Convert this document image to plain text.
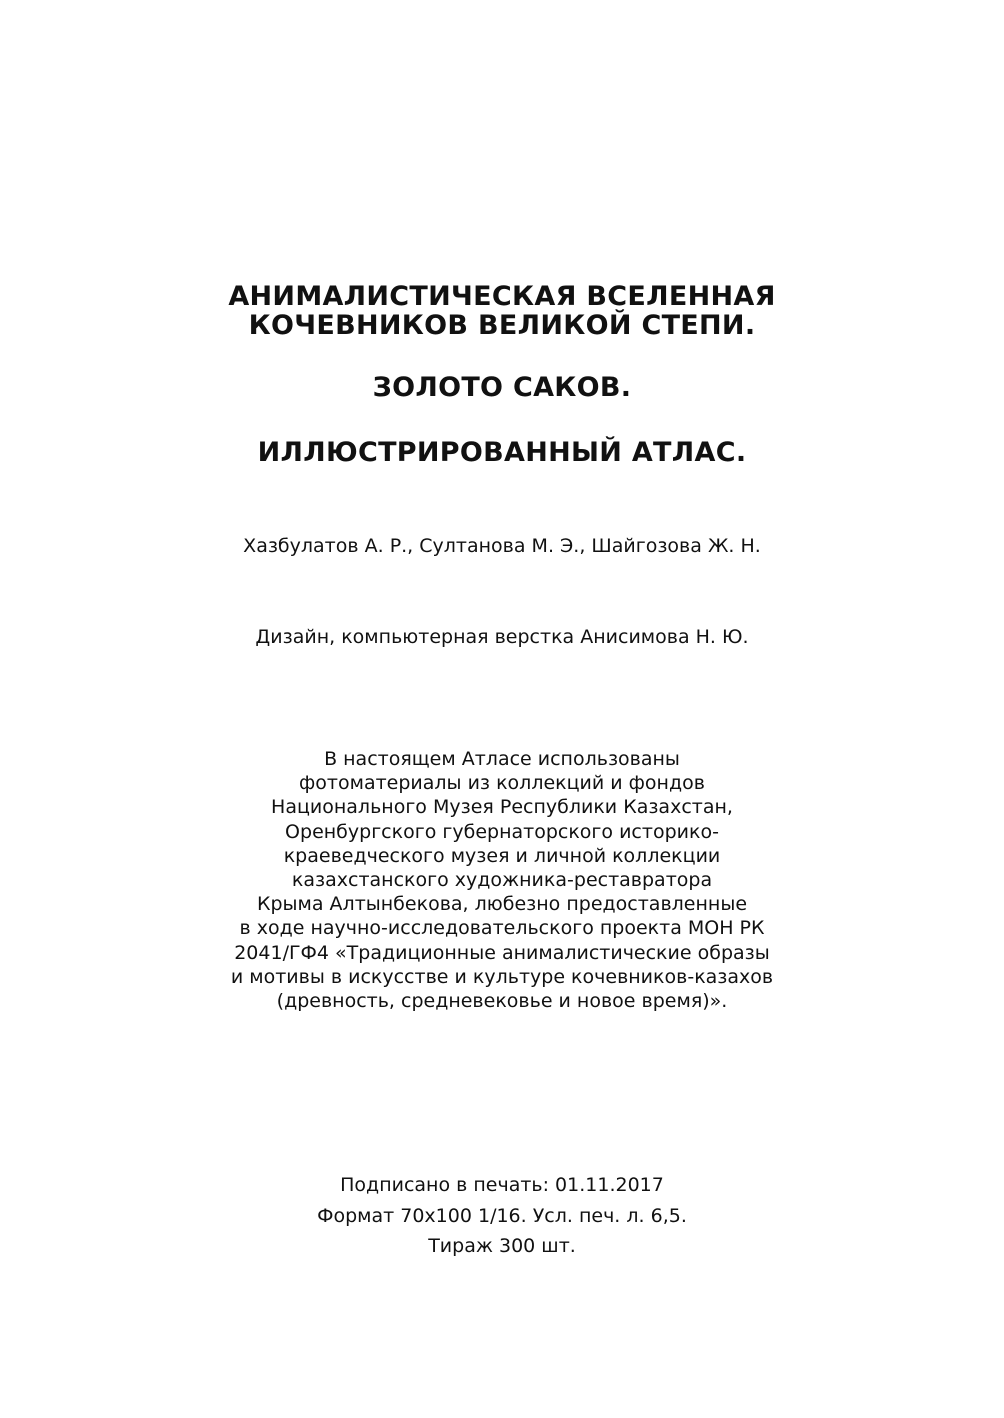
АНИМАЛИСТИЧЕСКАЯ ВСЕЛЕННАЯ
КОЧЕВНИКОВ ВЕЛИКОЙ СТЕПИ.
ЗОЛОТО САКОВ.
ИЛЛЮСТРИРОВАННЫЙ АТЛАС.
Хазбулатов А. Р., Султанова М. Э., Шайгозова Ж. Н.
Дизайн, компьютерная верстка Анисимова Н. Ю.
В настоящем Атласе использованы
фотоматериалы из коллекций и фондов
Национального Музея Республики Казахстан,
Оренбургского губернаторского историко-
краеведческого музея и личной коллекции
казахстанского художника-реставратора
Крыма Алтынбекова, любезно предоставленные
в ходе научно-исследовательского проекта МОН РК
2041/ГФ4 «Традиционные анималистические образы
и мотивы в искусстве и культуре кочевников-казахов
(древность, средневековье и новое время)».
Подписано в печать: 01.11.2017
Формат 70х100 1/16. Усл. печ. л. 6,5.
Тираж 300 шт.
